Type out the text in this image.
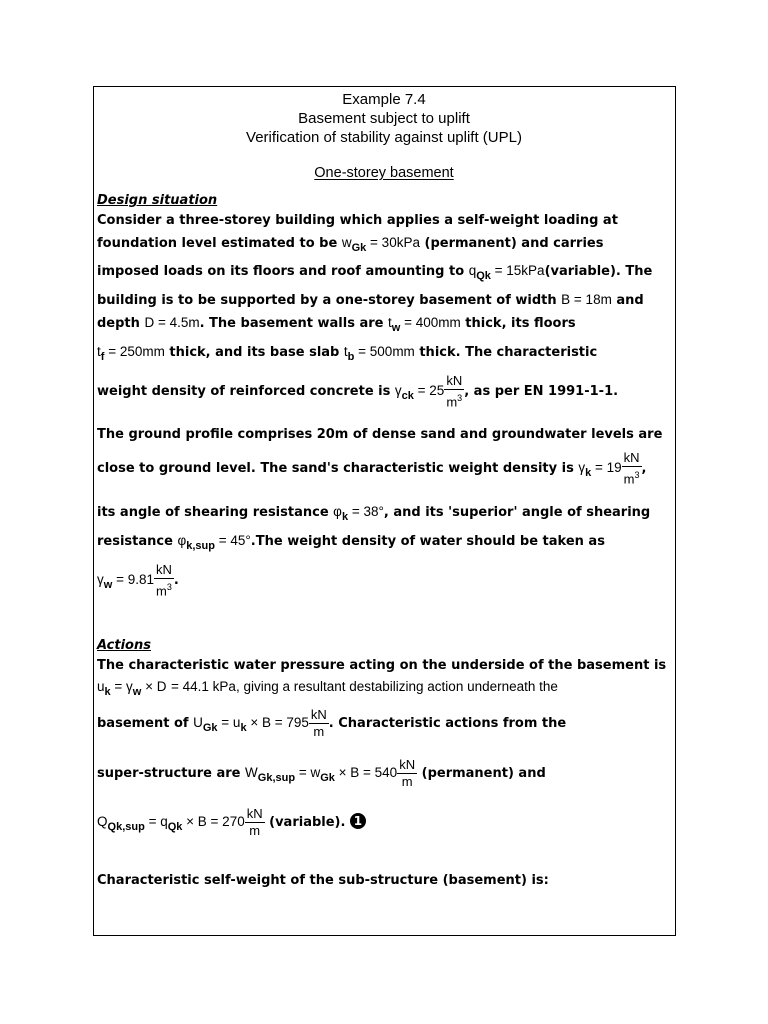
Example 7.4
Basement subject to uplift
Verification of stability against uplift (UPL)
One-storey basement
Design situation
Consider a three-storey building which applies a self-weight loading at
foundation level estimated to be $w_{Gk} = 30kPa$ (permanent) and carries
imposed loads on its floors and roof amounting to $q_{Qk}$ = 15kPa(variable). The
building is to be supported by a one-storey basement of width B = 18m and
depth D = 4.5m. The basement walls are $t_w = 400mm$ thick, its floors
$t_f = 250mm$ thick, and its base slab $t_b = 500mm$ thick. The characteristic
weight density of reinforced concrete is $\gamma_{ck} = 25 \frac{kN}{m^3}$ , as per EN 1991-1-1.
The ground profile comprises 20m of dense sand and groundwater levels are
close to ground level. The sand's characteristic weight density is $\gamma_k = 19 \frac{kN}{m^3}$ ,
its angle of shearing resistance $\varphi_k = 38^\circ$, and its 'superior' angle of shearing
resistance $\varphi_{k,sup} = 45^\circ.The$ weight density of water should be taken as
$\gamma_w = 9.81 \frac{kN}{m^3}$ .
Actions
The characteristic water pressure acting on the underside of the basement is
$u_k = \gamma_w \times D = 44.1$ kPa, giving a resultant destabilizing action underneath the
basement of $U_{Gk} = u_k \times B = 795 \frac{kN}{m}$ . Characteristic actions from the
super-structure are $W_{Gk,sup} = w_{Gk} \times B = 540 \frac{kN}{m}$ (permanent) and
$Q_{Qk,sup} = q_{Qk} \times B = 270 \frac{kN}{m}$ (variable). 1
Characteristic self-weight of the sub-structure (basement) is:
